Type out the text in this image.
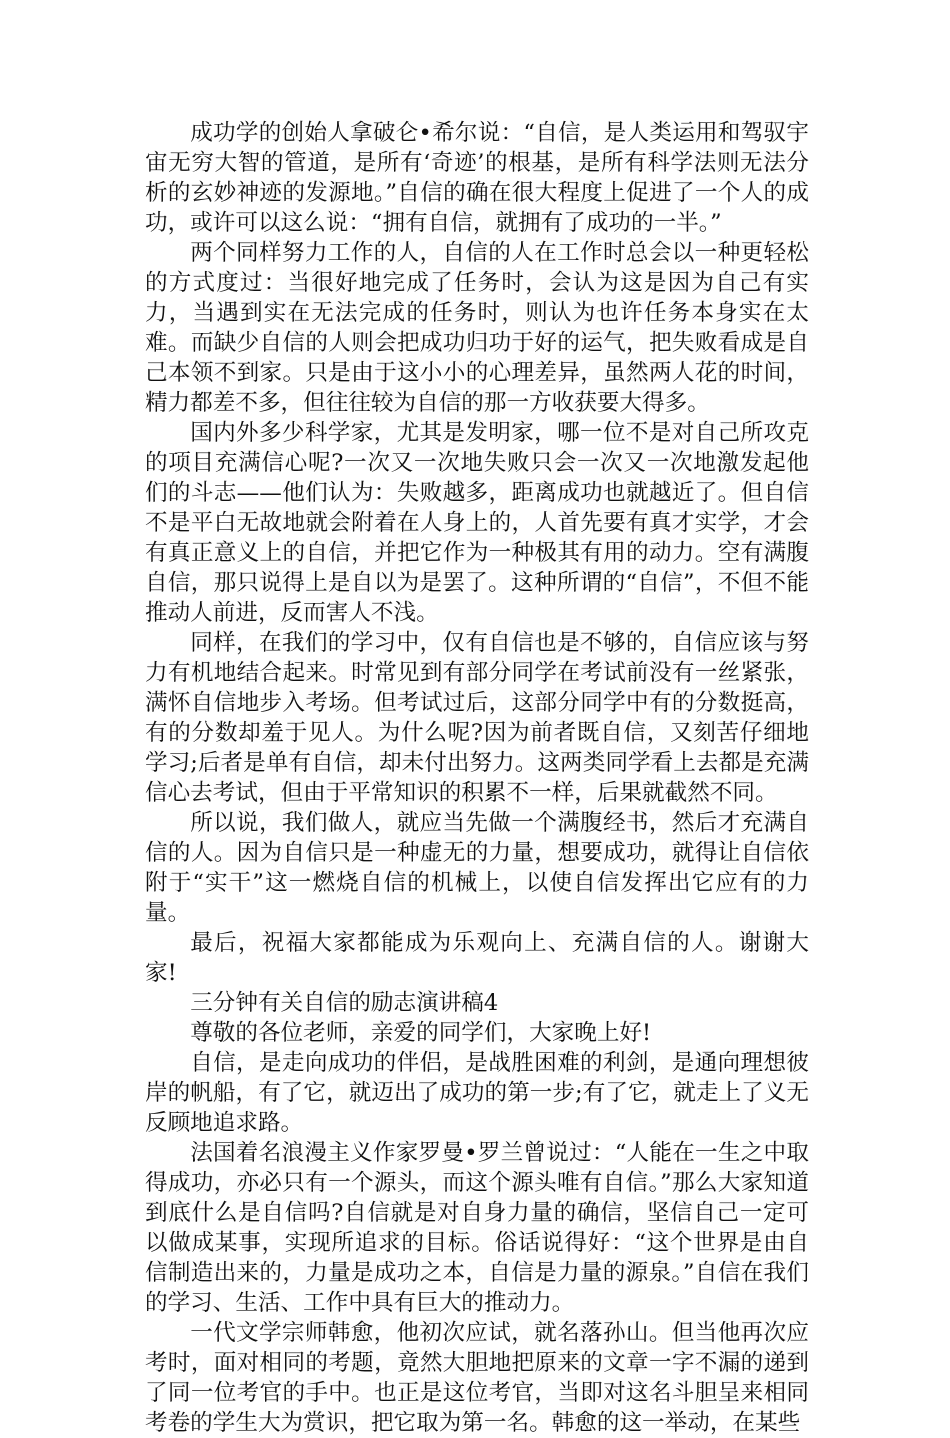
成功学的创始人拿破仑•希尔说：“自信，是人类运用和驾驭宇宙无穷大智的管道，是所有‘奇迹’的根基，是所有科学法则无法分析的玄妙神迹的发源地。”自信的确在很大程度上促进了一个人的成功，或许可以这么说：“拥有自信，就拥有了成功的一半。”

两个同样努力工作的人，自信的人在工作时总会以一种更轻松的方式度过：当很好地完成了任务时，会认为这是因为自己有实力，当遇到实在无法完成的任务时，则认为也许任务本身实在太难。而缺少自信的人则会把成功归功于好的运气，把失败看成是自己本领不到家。只是由于这小小的心理差异，虽然两人花的时间，精力都差不多，但往往较为自信的那一方收获要大得多。

国内外多少科学家，尤其是发明家，哪一位不是对自己所攻克的项目充满信心呢?一次又一次地失败只会一次又一次地激发起他们的斗志——他们认为：失败越多，距离成功也就越近了。但自信不是平白无故地就会附着在人身上的，人首先要有真才实学，才会有真正意义上的自信，并把它作为一种极其有用的动力。空有满腹自信，那只说得上是自以为是罢了。这种所谓的“自信”，不但不能推动人前进，反而害人不浅。

同样，在我们的学习中，仅有自信也是不够的，自信应该与努力有机地结合起来。时常见到有部分同学在考试前没有一丝紧张，满怀自信地步入考场。但考试过后，这部分同学中有的分数挺高，有的分数却羞于见人。为什么呢?因为前者既自信，又刻苦仔细地学习;后者是单有自信，却未付出努力。这两类同学看上去都是充满信心去考试，但由于平常知识的积累不一样，后果就截然不同。

所以说，我们做人，就应当先做一个满腹经书，然后才充满自信的人。因为自信只是一种虚无的力量，想要成功，就得让自信依附于“实干”这一燃烧自信的机械上，以使自信发挥出它应有的力量。

最后，祝福大家都能成为乐观向上、充满自信的人。谢谢大家!

三分钟有关自信的励志演讲稿4

尊敬的各位老师，亲爱的同学们，大家晚上好!

自信，是走向成功的伴侣，是战胜困难的利剑，是通向理想彼岸的帆船，有了它，就迈出了成功的第一步;有了它，就走上了义无反顾地追求路。

法国着名浪漫主义作家罗曼•罗兰曾说过：“人能在一生之中取得成功，亦必只有一个源头，而这个源头唯有自信。”那么大家知道到底什么是自信吗?自信就是对自身力量的确信，坚信自己一定可以做成某事，实现所追求的目标。俗话说得好：“这个世界是由自信制造出来的，力量是成功之本，自信是力量的源泉。”自信在我们的学习、生活、工作中具有巨大的推动力。

一代文学宗师韩愈，他初次应试，就名落孙山。但当他再次应考时，面对相同的考题，竟然大胆地把原来的文章一字不漏的递到了同一位考官的手中。也正是这位考官，当即对这名斗胆呈来相同考卷的学生大为赏识，把它取为第一名。韩愈的这一举动，在某些
